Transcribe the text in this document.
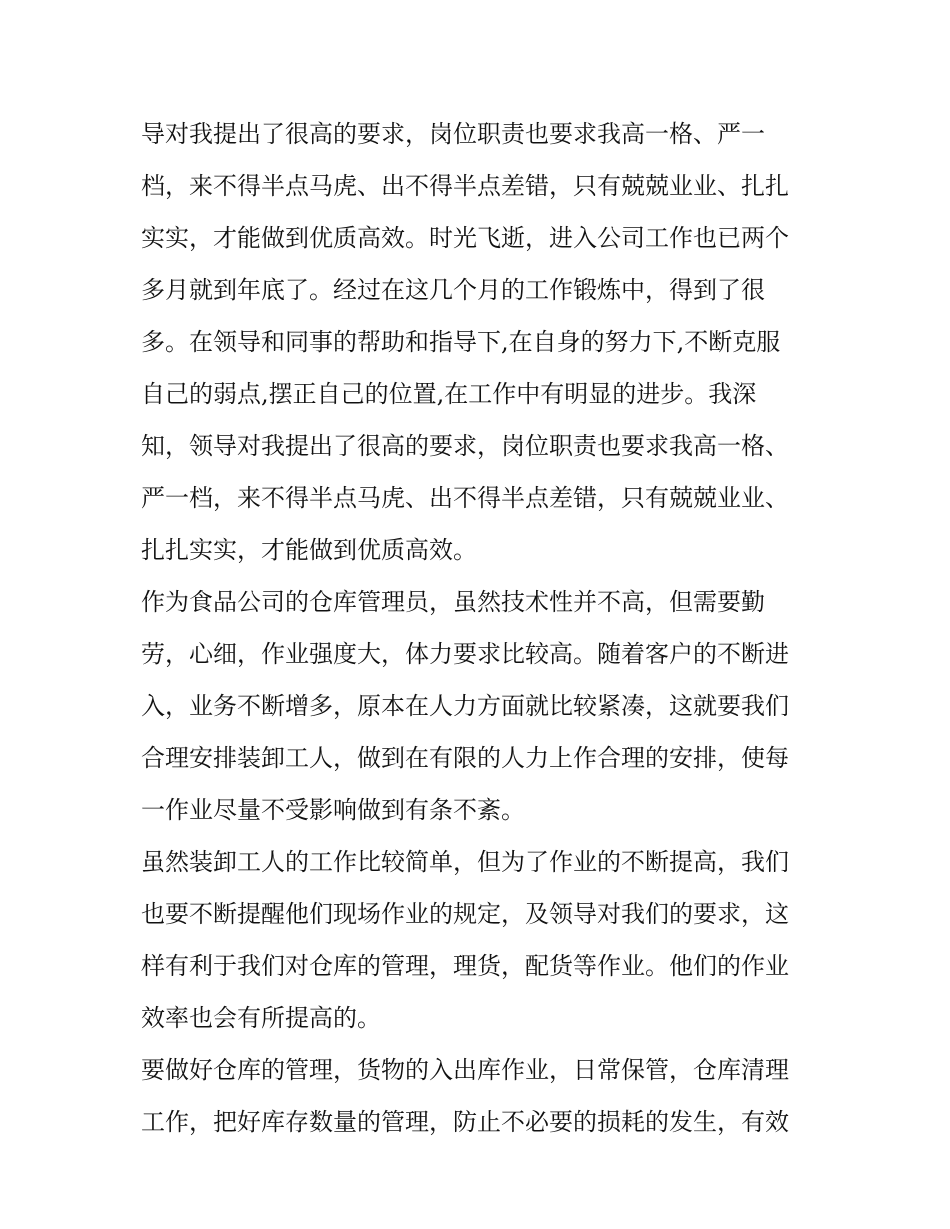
导对我提出了很高的要求，岗位职责也要求我高一格、严一
档，来不得半点马虎、出不得半点差错，只有兢兢业业、扎扎
实实，才能做到优质高效。时光飞逝，进入公司工作也已两个
多月就到年底了。经过在这几个月的工作锻炼中，得到了很
多。在领导和同事的帮助和指导下,在自身的努力下,不断克服
自己的弱点,摆正自己的位置,在工作中有明显的进步。我深
知，领导对我提出了很高的要求，岗位职责也要求我高一格、
严一档，来不得半点马虎、出不得半点差错，只有兢兢业业、
扎扎实实，才能做到优质高效。
作为食品公司的仓库管理员，虽然技术性并不高，但需要勤
劳，心细，作业强度大，体力要求比较高。随着客户的不断进
入，业务不断增多，原本在人力方面就比较紧凑，这就要我们
合理安排装卸工人，做到在有限的人力上作合理的安排，使每
一作业尽量不受影响做到有条不紊。
虽然装卸工人的工作比较简单，但为了作业的不断提高，我们
也要不断提醒他们现场作业的规定，及领导对我们的要求，这
样有利于我们对仓库的管理，理货，配货等作业。他们的作业
效率也会有所提高的。
要做好仓库的管理，货物的入出库作业，日常保管，仓库清理
工作，把好库存数量的管理，防止不必要的损耗的发生，有效
